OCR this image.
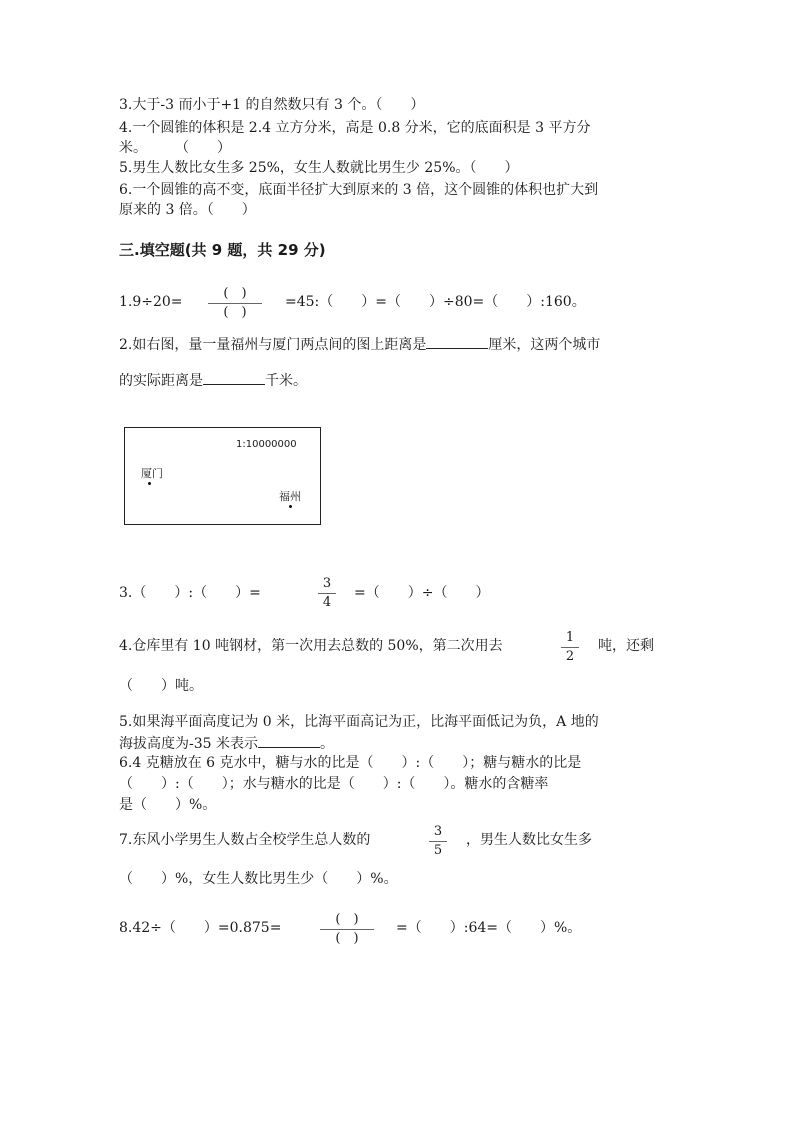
3.大于-3 而小于+1 的自然数只有 3 个。（　　）
4.一个圆锥的体积是 2.4 立方分米，高是 0.8 分米，它的底面积是 3 平方分
米。　　　（　　）
5.男生人数比女生多 25%，女生人数就比男生少 25%。（　　）
6.一个圆锥的高不变，底面半径扩大到原来的 3 倍，这个圆锥的体积也扩大到
原来的 3 倍。（　　）
三.填空题(共 9 题，共 29 分)
1.9÷20=
(　)
(　)
=45:（　　）=（　　）÷80=（　　）:160。
2.如右图，量一量福州与厦门两点间的图上距离是	厘米，这两个城市
的实际距离是	千米。
1:10000000
厦门
福州
3.（　　）:（　　）=
3
4
=（　　）÷（　　）
4.仓库里有 10 吨钢材，第一次用去总数的 50%，第二次用去
1
2
吨，还剩
（　　）吨。
5.如果海平面高度记为 0 米，比海平面高记为正，比海平面低记为负，A 地的
海拔高度为-35 米表示	。
6.4 克糖放在 6 克水中，糖与水的比是（　　）:（　　）；糖与糖水的比是
（　　）:（　　）；水与糖水的比是（　　）:（　　）。糖水的含糖率
是（　　）%。
7.东风小学男生人数占全校学生总人数的
3
5
，男生人数比女生多
（　　）%，女生人数比男生少（　　）%。
8.42÷（　　）=0.875=
(　)
(　)
=（　　）:64=（　　）%。
